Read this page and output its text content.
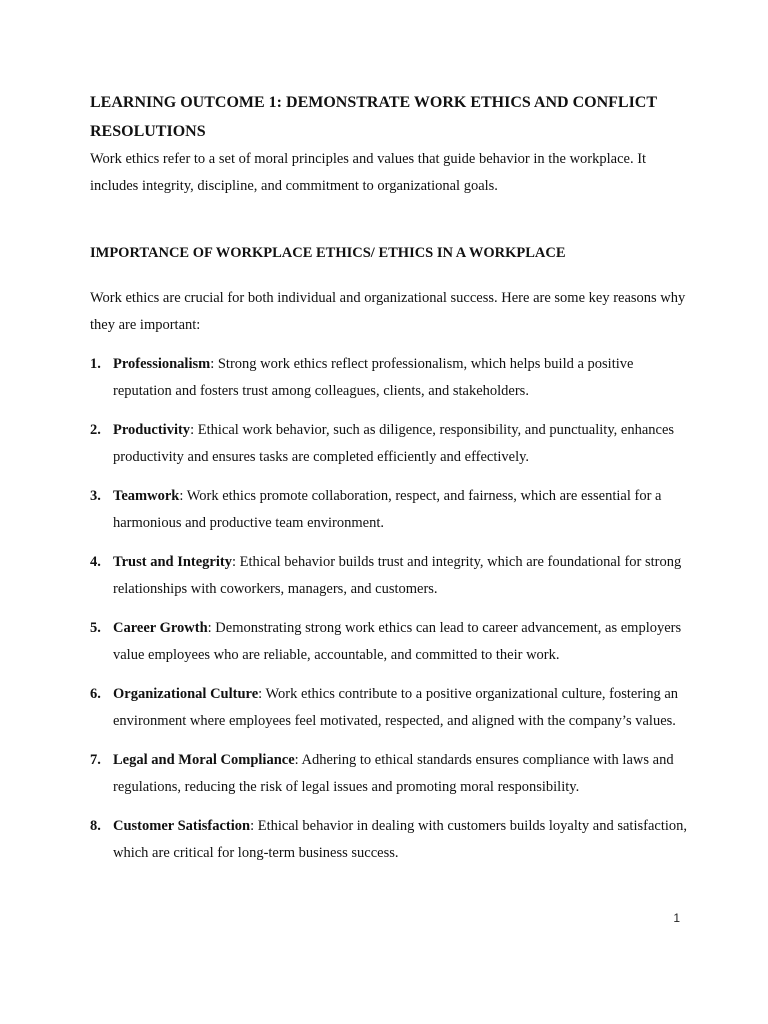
LEARNING OUTCOME 1: DEMONSTRATE WORK ETHICS AND CONFLICT RESOLUTIONS

Work ethics refer to a set of moral principles and values that guide behavior in the workplace. It includes integrity, discipline, and commitment to organizational goals.

IMPORTANCE OF WORKPLACE ETHICS/ ETHICS IN A WORKPLACE

Work ethics are crucial for both individual and organizational success. Here are some key reasons why they are important:

1. Professionalism: Strong work ethics reflect professionalism, which helps build a positive reputation and fosters trust among colleagues, clients, and stakeholders.
2. Productivity: Ethical work behavior, such as diligence, responsibility, and punctuality, enhances productivity and ensures tasks are completed efficiently and effectively.
3. Teamwork: Work ethics promote collaboration, respect, and fairness, which are essential for a harmonious and productive team environment.
4. Trust and Integrity: Ethical behavior builds trust and integrity, which are foundational for strong relationships with coworkers, managers, and customers.
5. Career Growth: Demonstrating strong work ethics can lead to career advancement, as employers value employees who are reliable, accountable, and committed to their work.
6. Organizational Culture: Work ethics contribute to a positive organizational culture, fostering an environment where employees feel motivated, respected, and aligned with the company’s values.
7. Legal and Moral Compliance: Adhering to ethical standards ensures compliance with laws and regulations, reducing the risk of legal issues and promoting moral responsibility.
8. Customer Satisfaction: Ethical behavior in dealing with customers builds loyalty and satisfaction, which are critical for long-term business success.
1
